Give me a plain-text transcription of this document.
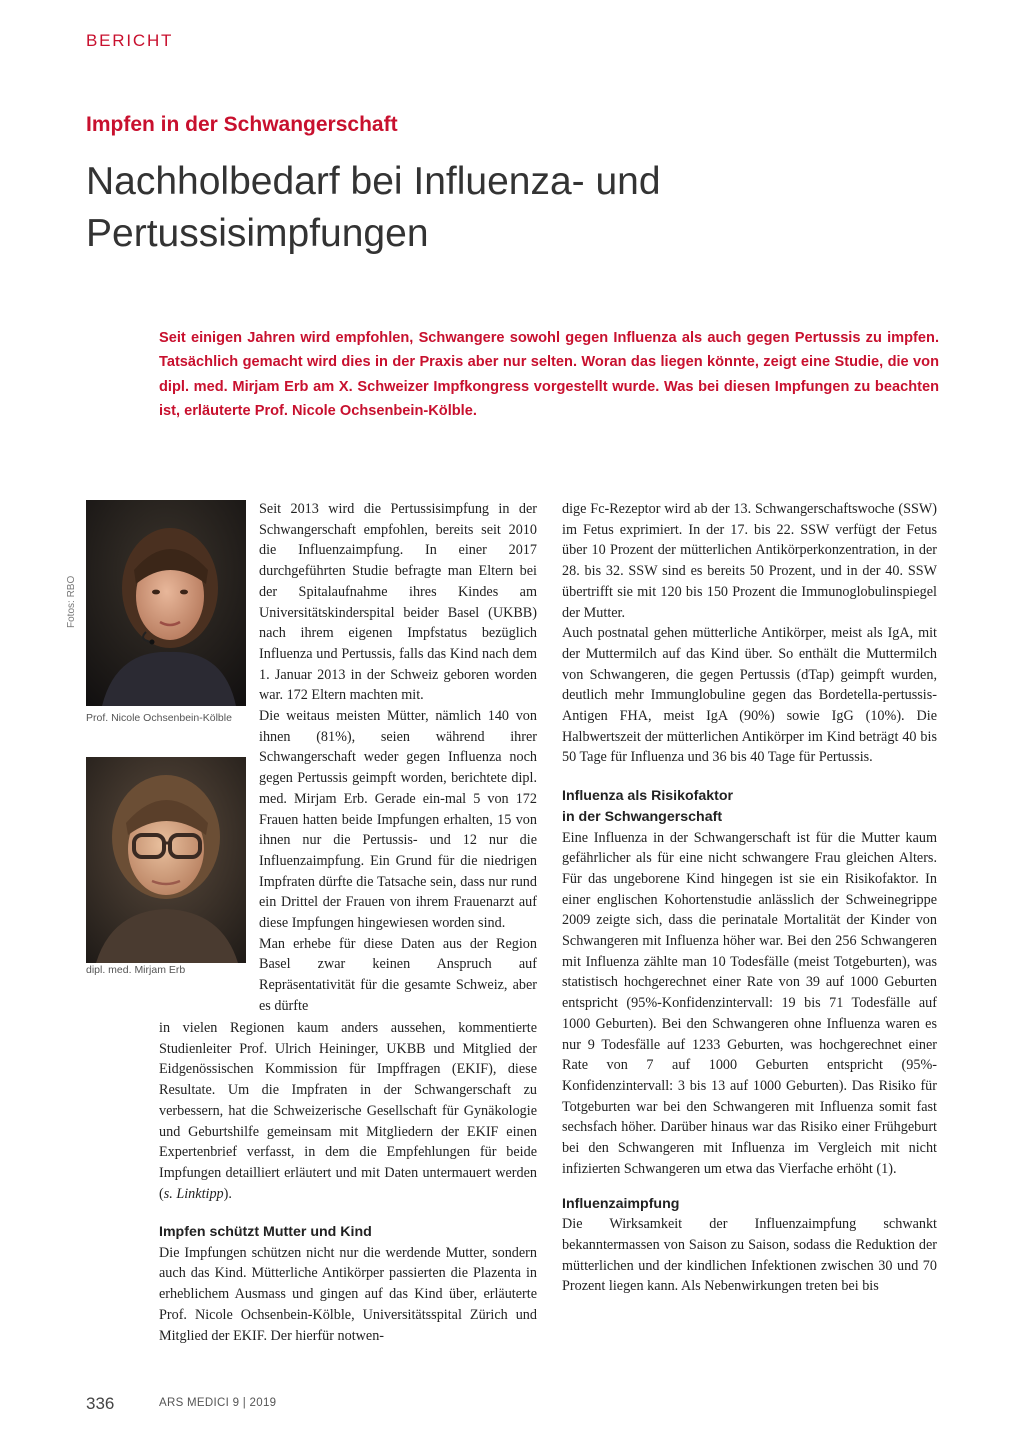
BERICHT
Impfen in der Schwangerschaft
Nachholbedarf bei Influenza- und Pertussisimpfungen
Seit einigen Jahren wird empfohlen, Schwangere sowohl gegen Influenza als auch gegen Pertussis zu impfen. Tatsächlich gemacht wird dies in der Praxis aber nur selten. Woran das liegen könnte, zeigt eine Studie, die von dipl. med. Mirjam Erb am X. Schweizer Impfkongress vorgestellt wurde. Was bei diesen Impfungen zu beachten ist, erläuterte Prof. Nicole Ochsenbein-Kölble.
Fotos: RBO
Prof. Nicole Ochsenbein-Kölble
dipl. med. Mirjam Erb

Seit 2013 wird die Pertussisimpfung in der Schwangerschaft empfohlen, bereits seit 2010 die Influenzaimpfung. In einer 2017 durchgeführten Studie befragte man Eltern bei der Spitalaufnahme ihres Kindes am Universitätskinderspital beider Basel (UKBB) nach ihrem eigenen Impfstatus bezüglich Influenza und Pertussis, falls das Kind nach dem 1. Januar 2013 in der Schweiz geboren worden war. 172 Eltern machten mit.

Die weitaus meisten Mütter, nämlich 140 von ihnen (81%), seien während ihrer Schwangerschaft weder gegen Influenza noch gegen Pertussis geimpft worden, berichtete dipl. med. Mirjam Erb. Gerade ein-mal 5 von 172 Frauen hatten beide Impfungen erhalten, 15 von ihnen nur die Pertussis- und 12 nur die Influenzaimpfung. Ein Grund für die niedrigen Impfraten dürfte die Tatsache sein, dass nur rund ein Drittel der Frauen von ihrem Frauenarzt auf diese Impfungen hingewiesen worden sind.

Man erhebe für diese Daten aus der Region Basel zwar keinen Anspruch auf Repräsentativität für die gesamte Schweiz, aber es dürfte

in vielen Regionen kaum anders aussehen, kommentierte Studienleiter Prof. Ulrich Heininger, UKBB und Mitglied der Eidgenössischen Kommission für Impffragen (EKIF), diese Resultate. Um die Impfraten in der Schwangerschaft zu verbessern, hat die Schweizerische Gesellschaft für Gynäkologie und Geburtshilfe gemeinsam mit Mitgliedern der EKIF einen Expertenbrief verfasst, in dem die Empfehlungen für beide Impfungen detailliert erläutert und mit Daten untermauert werden (s. Linktipp).

Impfen schützt Mutter und Kind

Die Impfungen schützen nicht nur die werdende Mutter, sondern auch das Kind. Mütterliche Antikörper passierten die Plazenta in erheblichem Ausmass und gingen auf das Kind über, erläuterte Prof. Nicole Ochsenbein-Kölble, Universitätsspital Zürich und Mitglied der EKIF. Der hierfür notwen-

dige Fc-Rezeptor wird ab der 13. Schwangerschaftswoche (SSW) im Fetus exprimiert. In der 17. bis 22. SSW verfügt der Fetus über 10 Prozent der mütterlichen Antikörperkonzentration, in der 28. bis 32. SSW sind es bereits 50 Prozent, und in der 40. SSW übertrifft sie mit 120 bis 150 Prozent die Immunoglobulinspiegel der Mutter.

Auch postnatal gehen mütterliche Antikörper, meist als IgA, mit der Muttermilch auf das Kind über. So enthält die Muttermilch von Schwangeren, die gegen Pertussis (dTap) geimpft wurden, deutlich mehr Immunglobuline gegen das Bordetella-pertussis-Antigen FHA, meist IgA (90%) sowie IgG (10%). Die Halbwertszeit der mütterlichen Antikörper im Kind beträgt 40 bis 50 Tage für Influenza und 36 bis 40 Tage für Pertussis.

Influenza als Risikofaktor
in der Schwangerschaft

Eine Influenza in der Schwangerschaft ist für die Mutter kaum gefährlicher als für eine nicht schwangere Frau gleichen Alters. Für das ungeborene Kind hingegen ist sie ein Risikofaktor. In einer englischen Kohortenstudie anlässlich der Schweinegrippe 2009 zeigte sich, dass die perinatale Mortalität der Kinder von Schwangeren mit Influenza höher war. Bei den 256 Schwangeren mit Influenza zählte man 10 Todesfälle (meist Totgeburten), was statistisch hochgerechnet einer Rate von 39 auf 1000 Geburten entspricht (95%-Konfidenzintervall: 19 bis 71 Todesfälle auf 1000 Geburten). Bei den Schwangeren ohne Influenza waren es nur 9 Todesfälle auf 1233 Geburten, was hochgerechnet einer Rate von 7 auf 1000 Geburten entspricht (95%-Konfidenzintervall: 3 bis 13 auf 1000 Geburten). Das Risiko für Totgeburten war bei den Schwangeren mit Influenza somit fast sechsfach höher. Darüber hinaus war das Risiko einer Frühgeburt bei den Schwangeren mit Influenza im Vergleich mit nicht infizierten Schwangeren um etwa das Vierfache erhöht (1).

Influenzaimpfung

Die Wirksamkeit der Influenzaimpfung schwankt bekanntermassen von Saison zu Saison, sodass die Reduktion der mütterlichen und der kindlichen Infektionen zwischen 30 und 70 Prozent liegen kann. Als Nebenwirkungen treten bei bis

336	ARS MEDICI 9 | 2019
